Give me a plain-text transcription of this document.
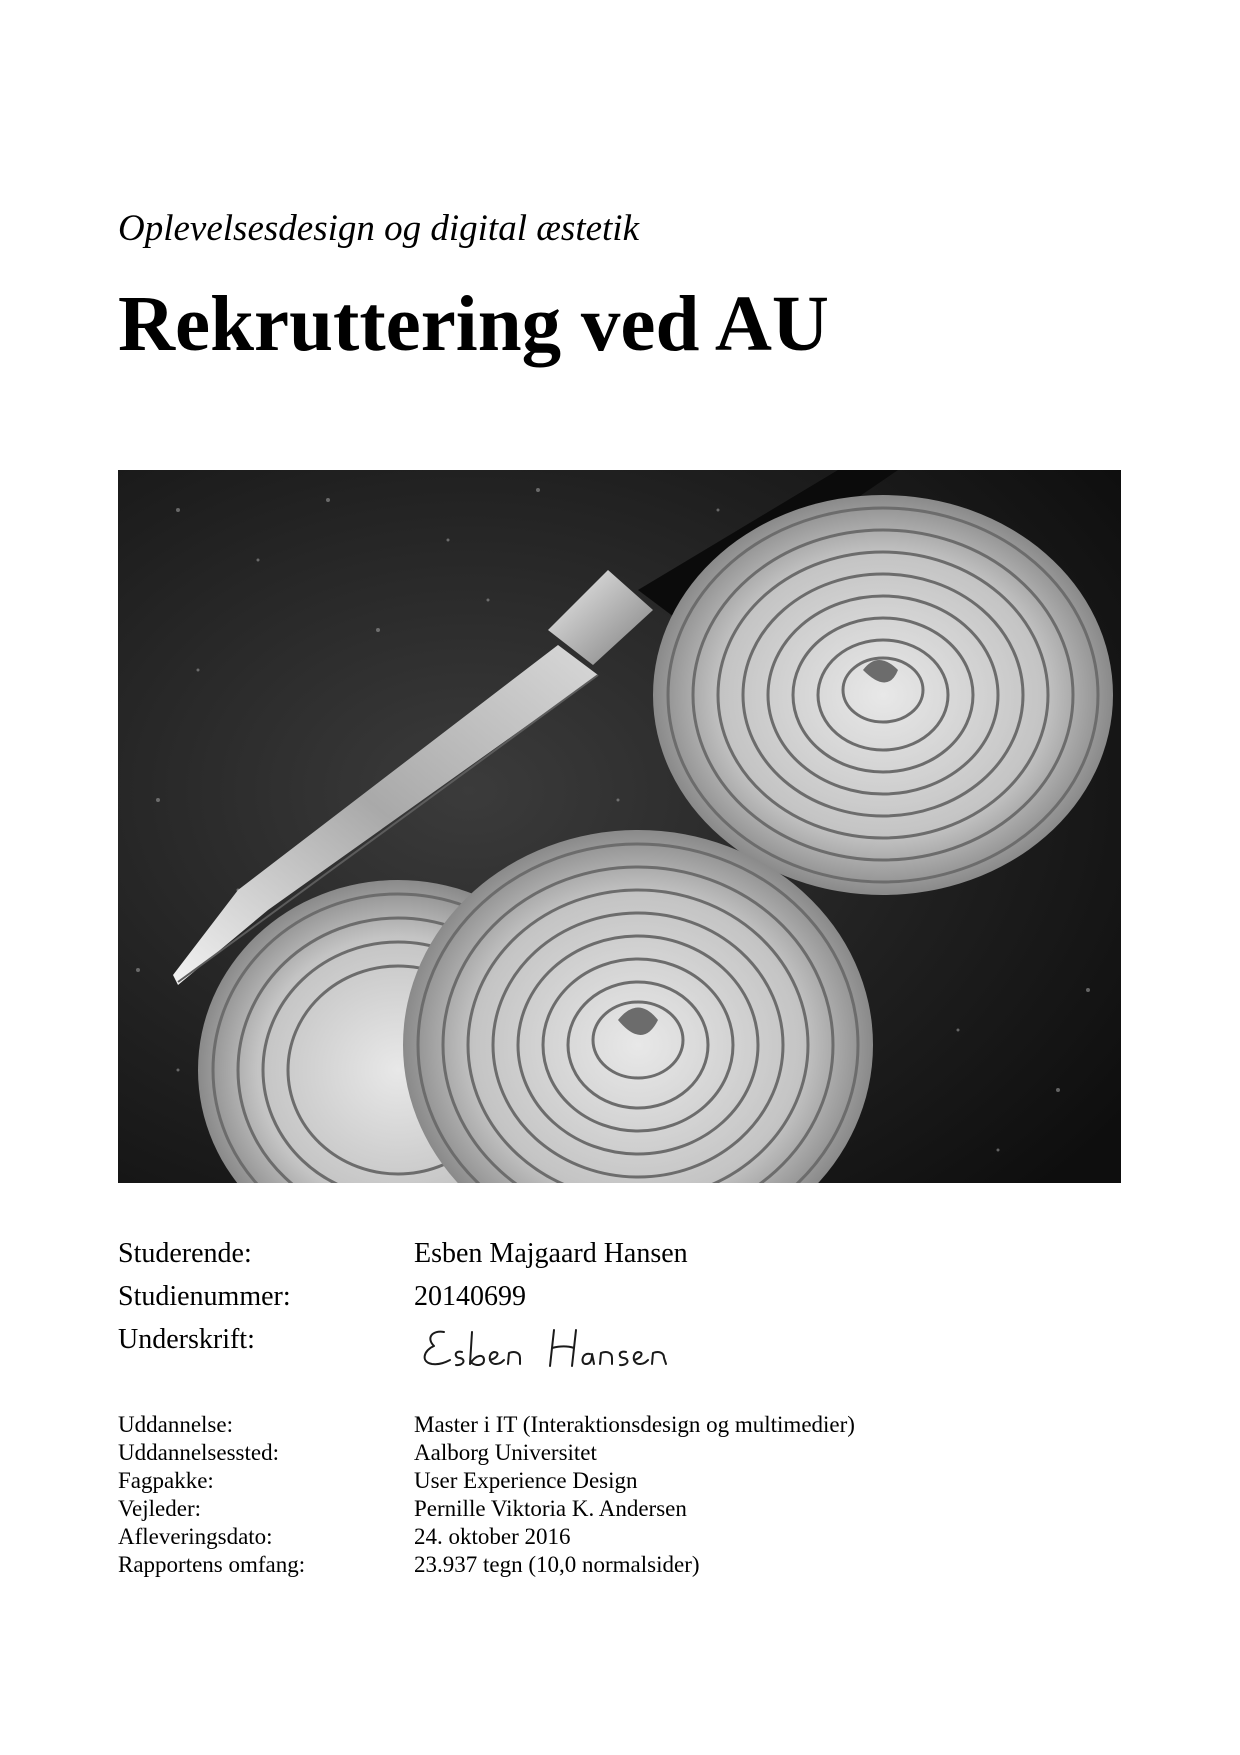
Oplevelsesdesign og digital æstetik
Rekruttering ved AU
Studerende:	Esben Majgaard Hansen
Studienummer:	20140699
Underskrift:
Uddannelse:	Master i IT (Interaktionsdesign og multimedier)
Uddannelsessted:	Aalborg Universitet
Fagpakke:	User Experience Design
Vejleder:	Pernille Viktoria K. Andersen
Afleveringsdato:	24. oktober 2016
Rapportens omfang:	23.937 tegn (10,0 normalsider)
